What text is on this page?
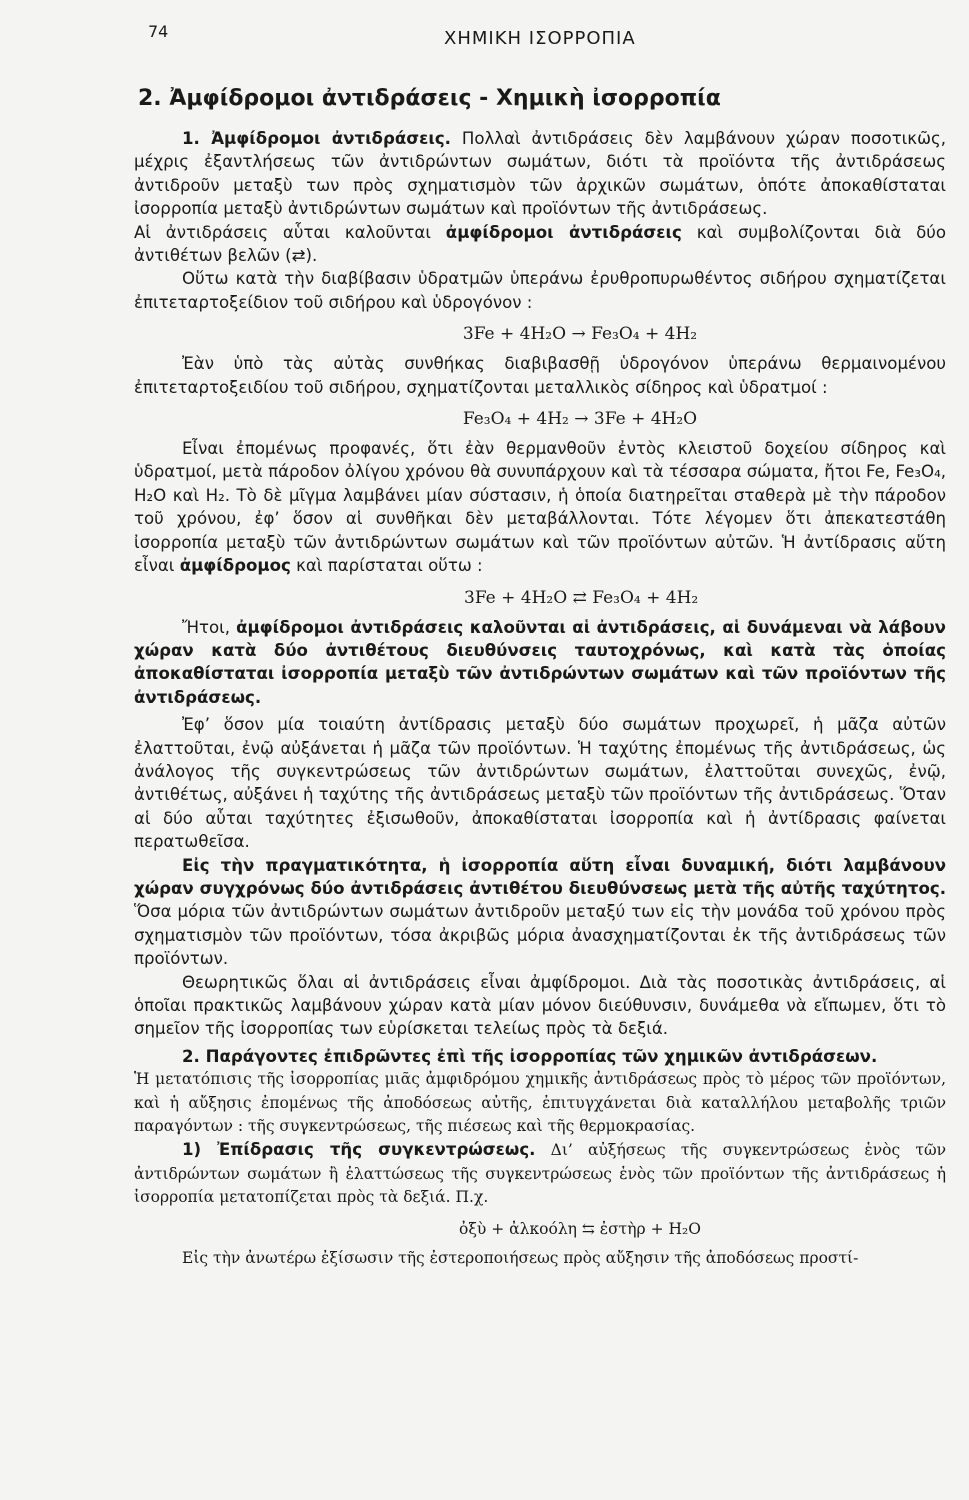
74	ΧΗΜΙΚΗ ΙΣΟΡΡΟΠΙΑ
2. Ἀμφίδρομοι ἀντιδράσεις - Χημικὴ ἰσορροπία

1. Ἀμφίδρομοι ἀντιδράσεις. Πολλαὶ ἀντιδράσεις δὲν λαμβάνουν χώραν ποσοτικῶς, μέχρις ἐξαντλήσεως τῶν ἀντιδρώντων σωμάτων, διότι τὰ προϊόντα τῆς ἀντιδράσεως ἀντιδροῦν μεταξὺ των πρὸς σχηματισμὸν τῶν ἀρχικῶν σωμάτων, ὁπότε ἀποκαθίσταται ἰσορροπία μεταξὺ ἀντιδρώντων σωμάτων καὶ προϊόντων τῆς ἀντιδράσεως.

Αἱ ἀντιδράσεις αὗται καλοῦνται ἀμφίδρομοι ἀντιδράσεις καὶ συμβολίζονται διὰ δύο ἀντιθέτων βελῶν (⇄).

Οὕτω κατὰ τὴν διαβίβασιν ὑδρατμῶν ὑπεράνω ἐρυθροπυρωθέντος σιδήρου σχηματίζεται ἐπιτεταρτοξείδιον τοῦ σιδήρου καὶ ὑδρογόνον :

3Fe + 4H₂O → Fe₃O₄ + 4H₂

Ἐὰν ὑπὸ τὰς αὐτὰς συνθήκας διαβιβασθῇ ὑδρογόνον ὑπεράνω θερμαινομένου ἐπιτεταρτοξειδίου τοῦ σιδήρου, σχηματίζονται μεταλλικὸς σίδηρος καὶ ὑδρατμοί :

Fe₃O₄ + 4H₂ → 3Fe + 4H₂O

Εἶναι ἐπομένως προφανές, ὅτι ἐὰν θερμανθοῦν ἐντὸς κλειστοῦ δοχείου σίδηρος καὶ ὑδρατμοί, μετὰ πάροδον ὀλίγου χρόνου θὰ συνυπάρχουν καὶ τὰ τέσσαρα σώματα, ἤτοι Fe, Fe₃O₄, H₂O καὶ H₂. Τὸ δὲ μῖγμα λαμβάνει μίαν σύστασιν, ἡ ὁποία διατηρεῖται σταθερὰ μὲ τὴν πάροδον τοῦ χρόνου, ἐφ’ ὅσον αἱ συνθῆκαι δὲν μεταβάλλονται. Τότε λέγομεν ὅτι ἀπεκατεστάθη ἰσορροπία μεταξὺ τῶν ἀντιδρώντων σωμάτων καὶ τῶν προϊόντων αὐτῶν. Ἡ ἀντίδρασις αὕτη εἶναι ἀμφίδρομος καὶ παρίσταται οὕτω :

3Fe + 4H₂O ⇄ Fe₃O₄ + 4H₂

Ἤτοι, ἀμφίδρομοι ἀντιδράσεις καλοῦνται αἱ ἀντιδράσεις, αἱ δυνάμεναι νὰ λάβουν χώραν κατὰ δύο ἀντιθέτους διευθύνσεις ταυτοχρόνως, καὶ κατὰ τὰς ὁποίας ἀποκαθίσταται ἰσορροπία μεταξὺ τῶν ἀντιδρώντων σωμάτων καὶ τῶν προϊόντων τῆς ἀντιδράσεως.

Ἐφ’ ὅσον μία τοιαύτη ἀντίδρασις μεταξὺ δύο σωμάτων προχωρεῖ, ἡ μᾶζα αὐτῶν ἐλαττοῦται, ἐνῷ αὐξάνεται ἡ μᾶζα τῶν προϊόντων. Ἡ ταχύτης ἐπομένως τῆς ἀντιδράσεως, ὡς ἀνάλογος τῆς συγκεντρώσεως τῶν ἀντιδρώντων σωμάτων, ἐλαττοῦται συνεχῶς, ἐνῷ, ἀντιθέτως, αὐξάνει ἡ ταχύτης τῆς ἀντιδράσεως μεταξὺ τῶν προϊόντων τῆς ἀντιδράσεως. Ὅταν αἱ δύο αὗται ταχύτητες ἐξισωθοῦν, ἀποκαθίσταται ἰσορροπία καὶ ἡ ἀντίδρασις φαίνεται περατωθεῖσα.

Εἰς τὴν πραγματικότητα, ἡ ἰσορροπία αὕτη εἶναι δυναμική, διότι λαμβάνουν χώραν συγχρόνως δύο ἀντιδράσεις ἀντιθέτου διευθύνσεως μετὰ τῆς αὐτῆς ταχύτητος. Ὅσα μόρια τῶν ἀντιδρώντων σωμάτων ἀντιδροῦν μεταξύ των εἰς τὴν μονάδα τοῦ χρόνου πρὸς σχηματισμὸν τῶν προϊόντων, τόσα ἀκριβῶς μόρια ἀνασχηματίζονται ἐκ τῆς ἀντιδράσεως τῶν προϊόντων.

Θεωρητικῶς ὅλαι αἱ ἀντιδράσεις εἶναι ἀμφίδρομοι. Διὰ τὰς ποσοτικὰς ἀντιδράσεις, αἱ ὁποῖαι πρακτικῶς λαμβάνουν χώραν κατὰ μίαν μόνον διεύθυνσιν, δυνάμεθα νὰ εἴπωμεν, ὅτι τὸ σημεῖον τῆς ἰσορροπίας των εὑρίσκεται τελείως πρὸς τὰ δεξιά.

2. Παράγοντες ἐπιδρῶντες ἐπὶ τῆς ἰσορροπίας τῶν χημικῶν ἀντιδράσεων.

Ἡ μετατόπισις τῆς ἰσορροπίας μιᾶς ἀμφιδρόμου χημικῆς ἀντιδράσεως πρὸς τὸ μέρος τῶν προϊόντων, καὶ ἡ αὔξησις ἐπομένως τῆς ἀποδόσεως αὐτῆς, ἐπιτυγχάνεται διὰ καταλλήλου μεταβολῆς τριῶν παραγόντων : τῆς συγκεντρώσεως, τῆς πιέσεως καὶ τῆς θερμοκρασίας.

1) Ἐπίδρασις τῆς συγκεντρώσεως. Δι’ αὐξήσεως τῆς συγκεντρώσεως ἑνὸς τῶν ἀντιδρώντων σωμάτων ἢ ἐλαττώσεως τῆς συγκεντρώσεως ἑνὸς τῶν προϊόντων τῆς ἀντιδράσεως ἡ ἰσορροπία μετατοπίζεται πρὸς τὰ δεξιά. Π.χ.

ὀξὺ + ἀλκοόλη ⇆ ἐστὴρ + H₂O

Εἰς τὴν ἀνωτέρω ἐξίσωσιν τῆς ἐστεροποιήσεως πρὸς αὔξησιν τῆς ἀποδόσεως προστί-
